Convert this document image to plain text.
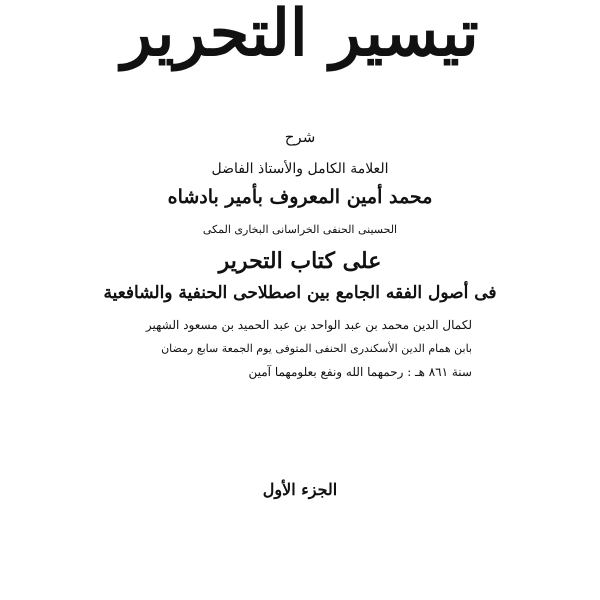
تيسير التحرير
شرح
العلامة الكامل والأستاذ الفاضل
محمد أمين المعروف بأمير بادشاه
الحسينى الحنفى الخراسانى البخارى المكى
على كتاب التحرير
فى أصول الفقه الجامع بين اصطلاحى الحنفية والشافعية
لكمال الدين محمد بن عبد الواحد بن عبد الحميد بن مسعود الشهير
بابن همام الدين الأسكندرى الحنفى المتوفى يوم الجمعة سابع رمضان
سنة ٨٦١ هـ : رحمهما الله ونفع بعلومهما آمين
الجزء الأول
